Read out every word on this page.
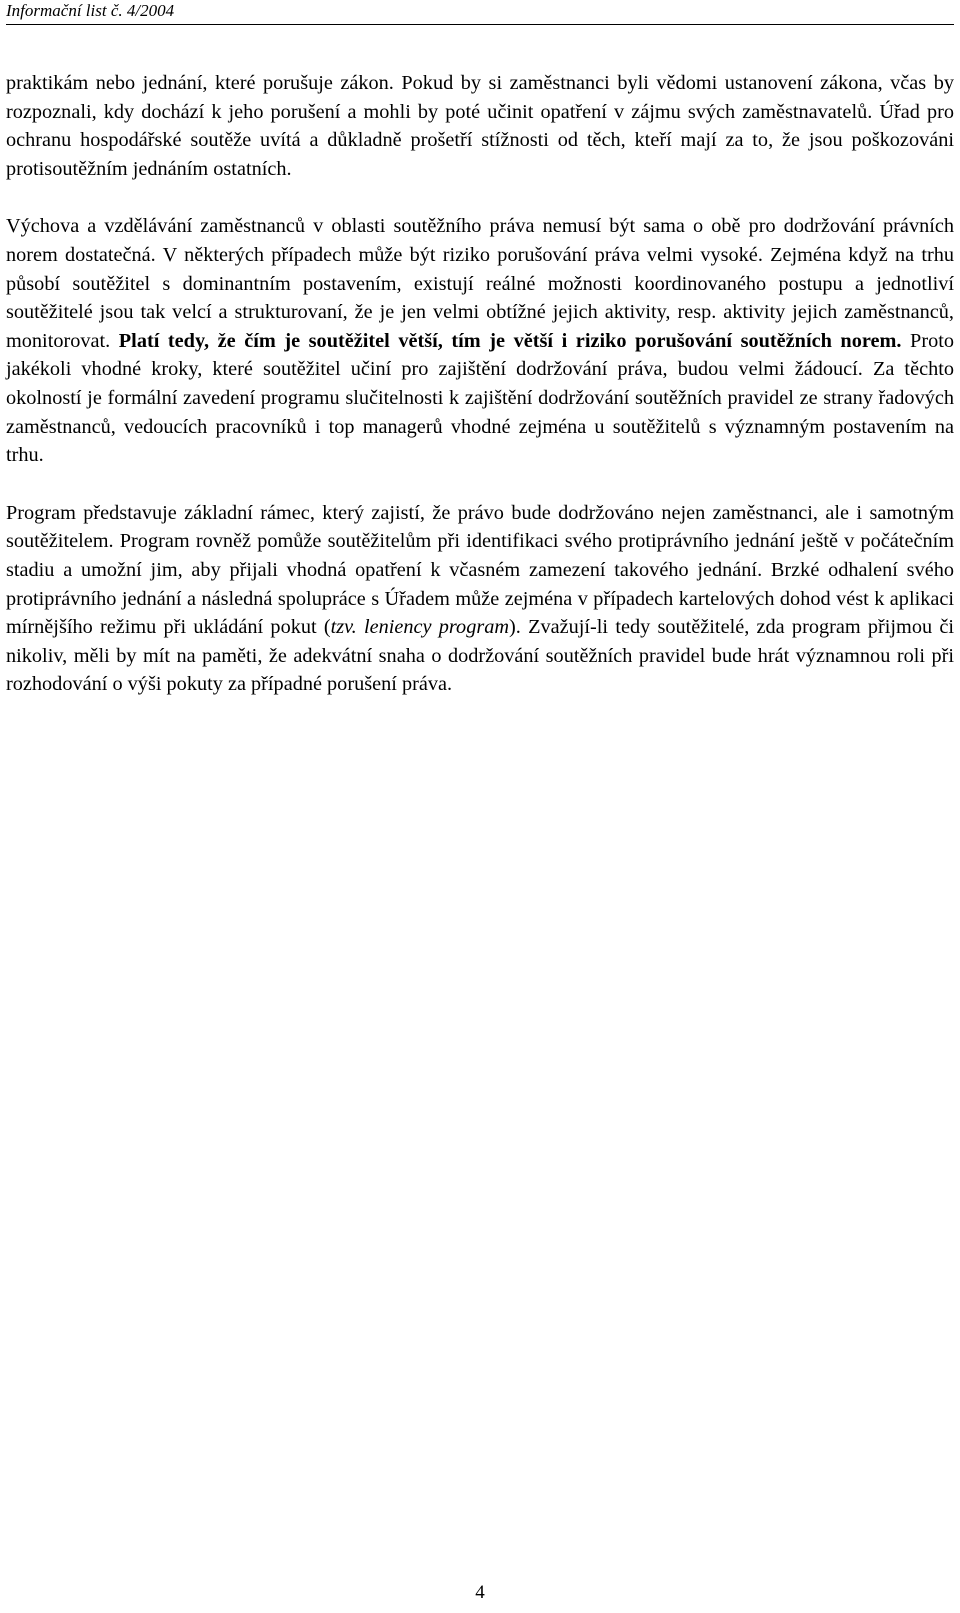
Informační list č. 4/2004

praktikám nebo jednání, které porušuje zákon. Pokud by si zaměstnanci byli vědomi ustanovení zákona, včas by rozpoznali, kdy dochází k jeho porušení a mohli by poté učinit opatření v zájmu svých zaměstnavatelů. Úřad pro ochranu hospodářské soutěže uvítá a důkladně prošetří stížnosti od těch, kteří mají za to, že jsou poškozováni protisoutěžním jednáním ostatních.

Výchova a vzdělávání zaměstnanců v oblasti soutěžního práva nemusí být sama o obě pro dodržování právních norem dostatečná. V některých případech může být riziko porušování práva velmi vysoké. Zejména když na trhu působí soutěžitel s dominantním postavením, existují reálné možnosti koordinovaného postupu a jednotliví soutěžitelé jsou tak velcí a strukturovaní, že je jen velmi obtížné jejich aktivity, resp. aktivity jejich zaměstnanců, monitorovat. Platí tedy, že čím je soutěžitel větší, tím je větší i riziko porušování soutěžních norem. Proto jakékoli vhodné kroky, které soutěžitel učiní pro zajištění dodržování práva, budou velmi žádoucí. Za těchto okolností je formální zavedení programu slučitelnosti k zajištění dodržování soutěžních pravidel ze strany řadových zaměstnanců, vedoucích pracovníků i top managerů vhodné zejména u soutěžitelů s významným postavením na trhu.

Program představuje základní rámec, který zajistí, že právo bude dodržováno nejen zaměstnanci, ale i samotným soutěžitelem. Program rovněž pomůže soutěžitelům při identifikaci svého protiprávního jednání ještě v počátečním stadiu a umožní jim, aby přijali vhodná opatření k včasném zamezení takového jednání. Brzké odhalení svého protiprávního jednání a následná spolupráce s Úřadem může zejména v případech kartelových dohod vést k aplikaci mírnějšího režimu při ukládání pokut (tzv. leniency program). Zvažují-li tedy soutěžitelé, zda program přijmou či nikoliv, měli by mít na paměti, že adekvátní snaha o dodržování soutěžních pravidel bude hrát významnou roli při rozhodování o výši pokuty za případné porušení práva.

4
